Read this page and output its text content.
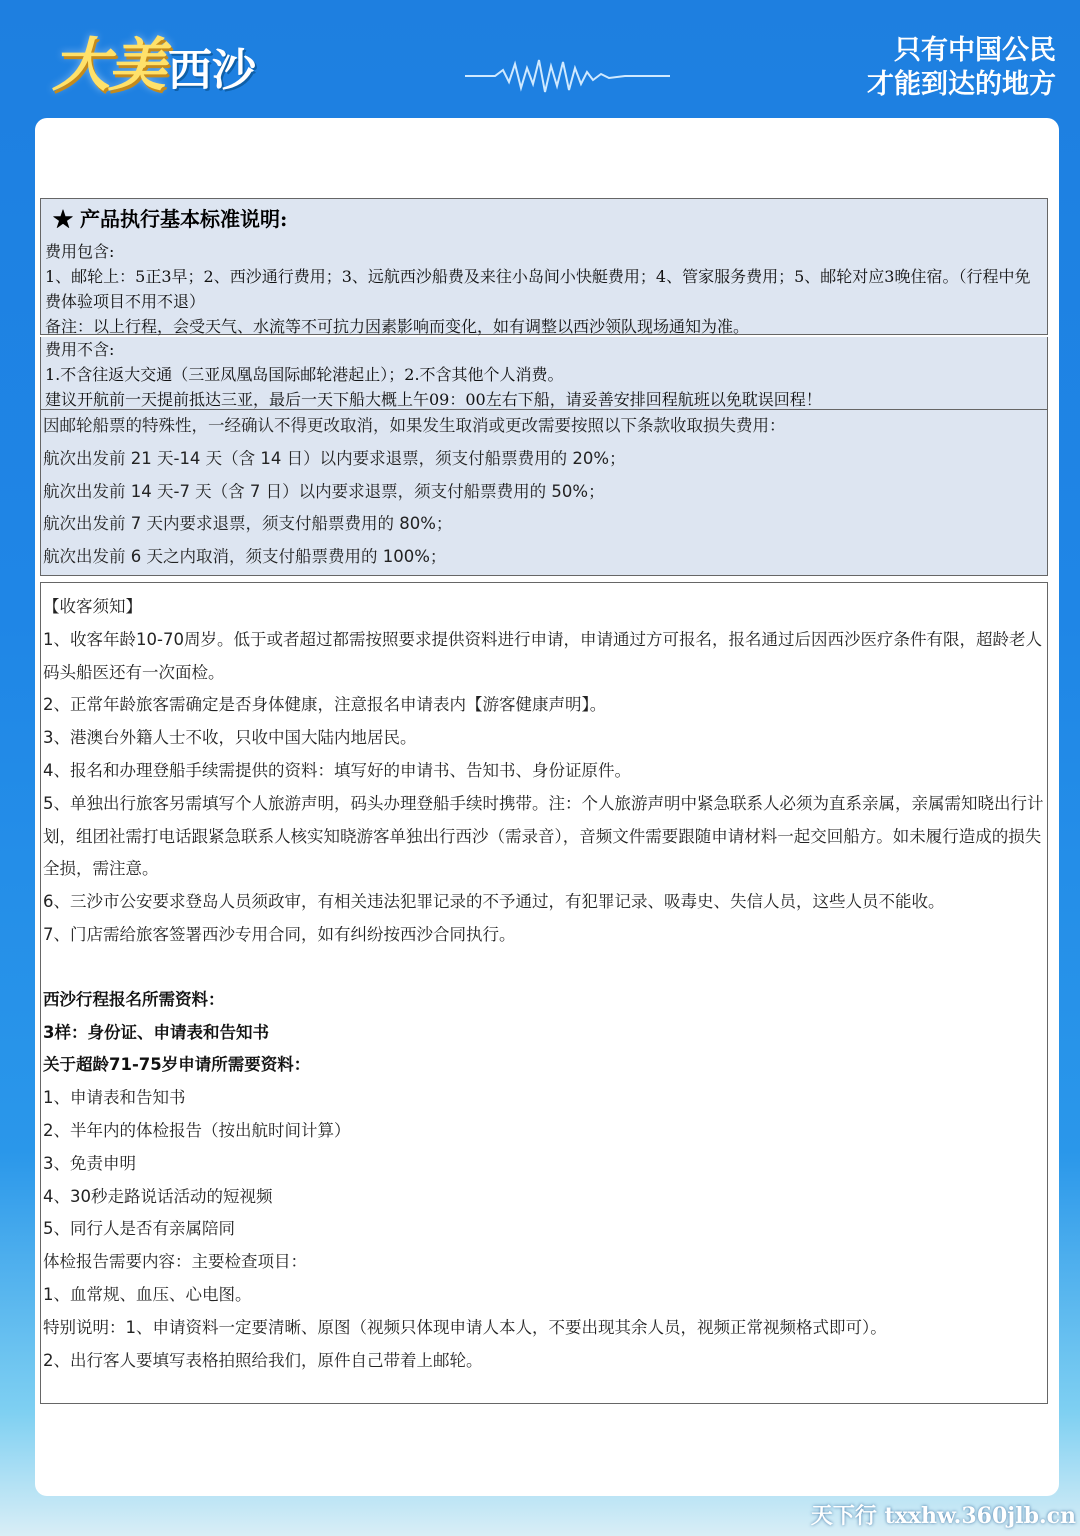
大美 西沙	只有中国公民
才能到达的地方
★ 产品执行基本标准说明:

费用包含:

1、邮轮上：5正3早；2、西沙通行费用；3、远航西沙船费及来往小岛间小快艇费用；4、管家服务费用；5、邮轮对应3晚住宿。（行程中免费体验项目不用不退）

备注：以上行程，会受天气、水流等不可抗力因素影响而变化，如有调整以西沙领队现场通知为准。

费用不含:

1.不含往返大交通（三亚凤凰岛国际邮轮港起止）；2.不含其他个人消费。

建议开航前一天提前抵达三亚，最后一天下船大概上午09：00左右下船，请妥善安排回程航班以免耽误回程！

因邮轮船票的特殊性，一经确认不得更改取消，如果发生取消或更改需要按照以下条款收取损失费用：

航次出发前 21 天-14 天（含 14 日）以内要求退票，须支付船票费用的 20%；

航次出发前 14 天-7 天（含 7 日）以内要求退票，须支付船票费用的 50%；

航次出发前 7 天内要求退票，须支付船票费用的 80%；

航次出发前 6 天之内取消，须支付船票费用的 100%；

【收客须知】

1、收客年龄10-70周岁。低于或者超过都需按照要求提供资料进行申请，申请通过方可报名，报名通过后因西沙医疗条件有限，超龄老人码头船医还有一次面检。

2、正常年龄旅客需确定是否身体健康，注意报名申请表内【游客健康声明】。

3、港澳台外籍人士不收，只收中国大陆内地居民。

4、报名和办理登船手续需提供的资料：填写好的申请书、告知书、身份证原件。

5、单独出行旅客另需填写个人旅游声明，码头办理登船手续时携带。注：个人旅游声明中紧急联系人必须为直系亲属，亲属需知晓出行计划，组团社需打电话跟紧急联系人核实知晓游客单独出行西沙（需录音），音频文件需要跟随申请材料一起交回船方。如未履行造成的损失全损，需注意。

6、三沙市公安要求登岛人员须政审，有相关违法犯罪记录的不予通过，有犯罪记录、吸毒史、失信人员，这些人员不能收。

7、门店需给旅客签署西沙专用合同，如有纠纷按西沙合同执行。

西沙行程报名所需资料：

3样：身份证、申请表和告知书

关于超龄71-75岁申请所需要资料：

1、申请表和告知书

2、半年内的体检报告（按出航时间计算）

3、免责申明

4、30秒走路说话活动的短视频

5、同行人是否有亲属陪同

体检报告需要内容：主要检查项目：

1、血常规、血压、心电图。

特别说明：1、申请资料一定要清晰、原图（视频只体现申请人本人，不要出现其余人员，视频正常视频格式即可）。

2、出行客人要填写表格拍照给我们，原件自己带着上邮轮。

天下行 txxhw.360jlb.cn
